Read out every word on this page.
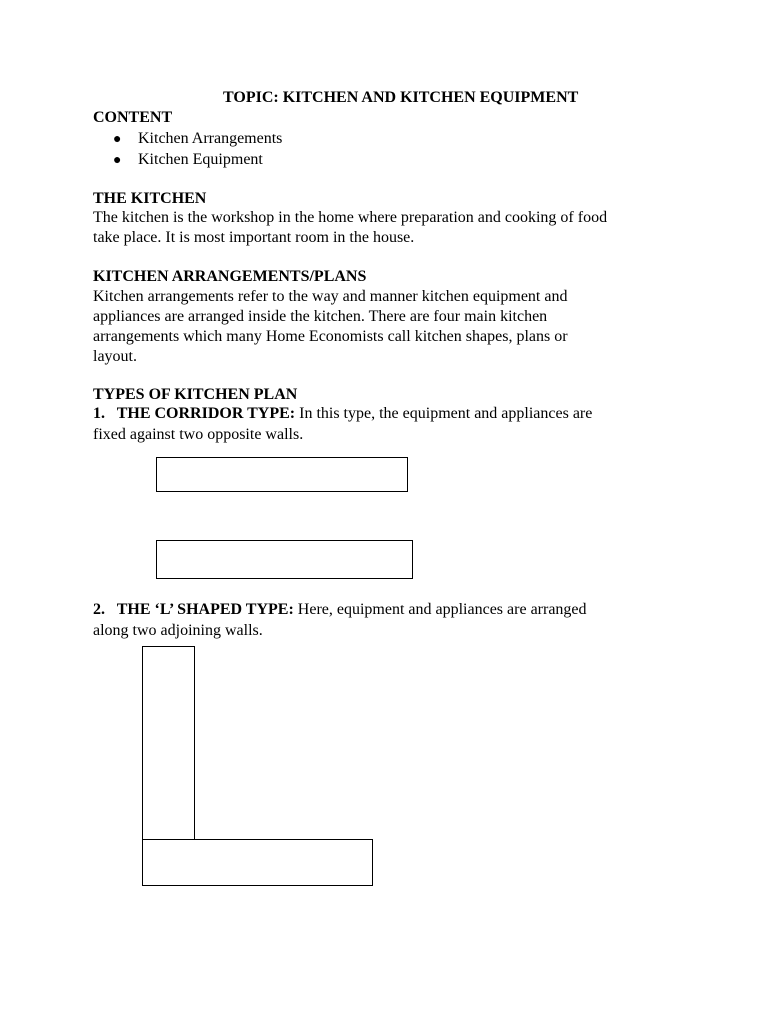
TOPIC: KITCHEN AND KITCHEN EQUIPMENT
CONTENT
●	Kitchen Arrangements
●	Kitchen Equipment
THE KITCHEN
The kitchen is the workshop in the home where preparation and cooking of food
take place. It is most important room in the house.
KITCHEN ARRANGEMENTS/PLANS
Kitchen arrangements refer to the way and manner kitchen equipment and
appliances are arranged inside the kitchen. There are four main kitchen
arrangements which many Home Economists call kitchen shapes, plans or
layout.
TYPES OF KITCHEN PLAN
1.   THE CORRIDOR TYPE: In this type, the equipment and appliances are
fixed against two opposite walls.
2.   THE ‘L’ SHAPED TYPE: Here, equipment and appliances are arranged
along two adjoining walls.
